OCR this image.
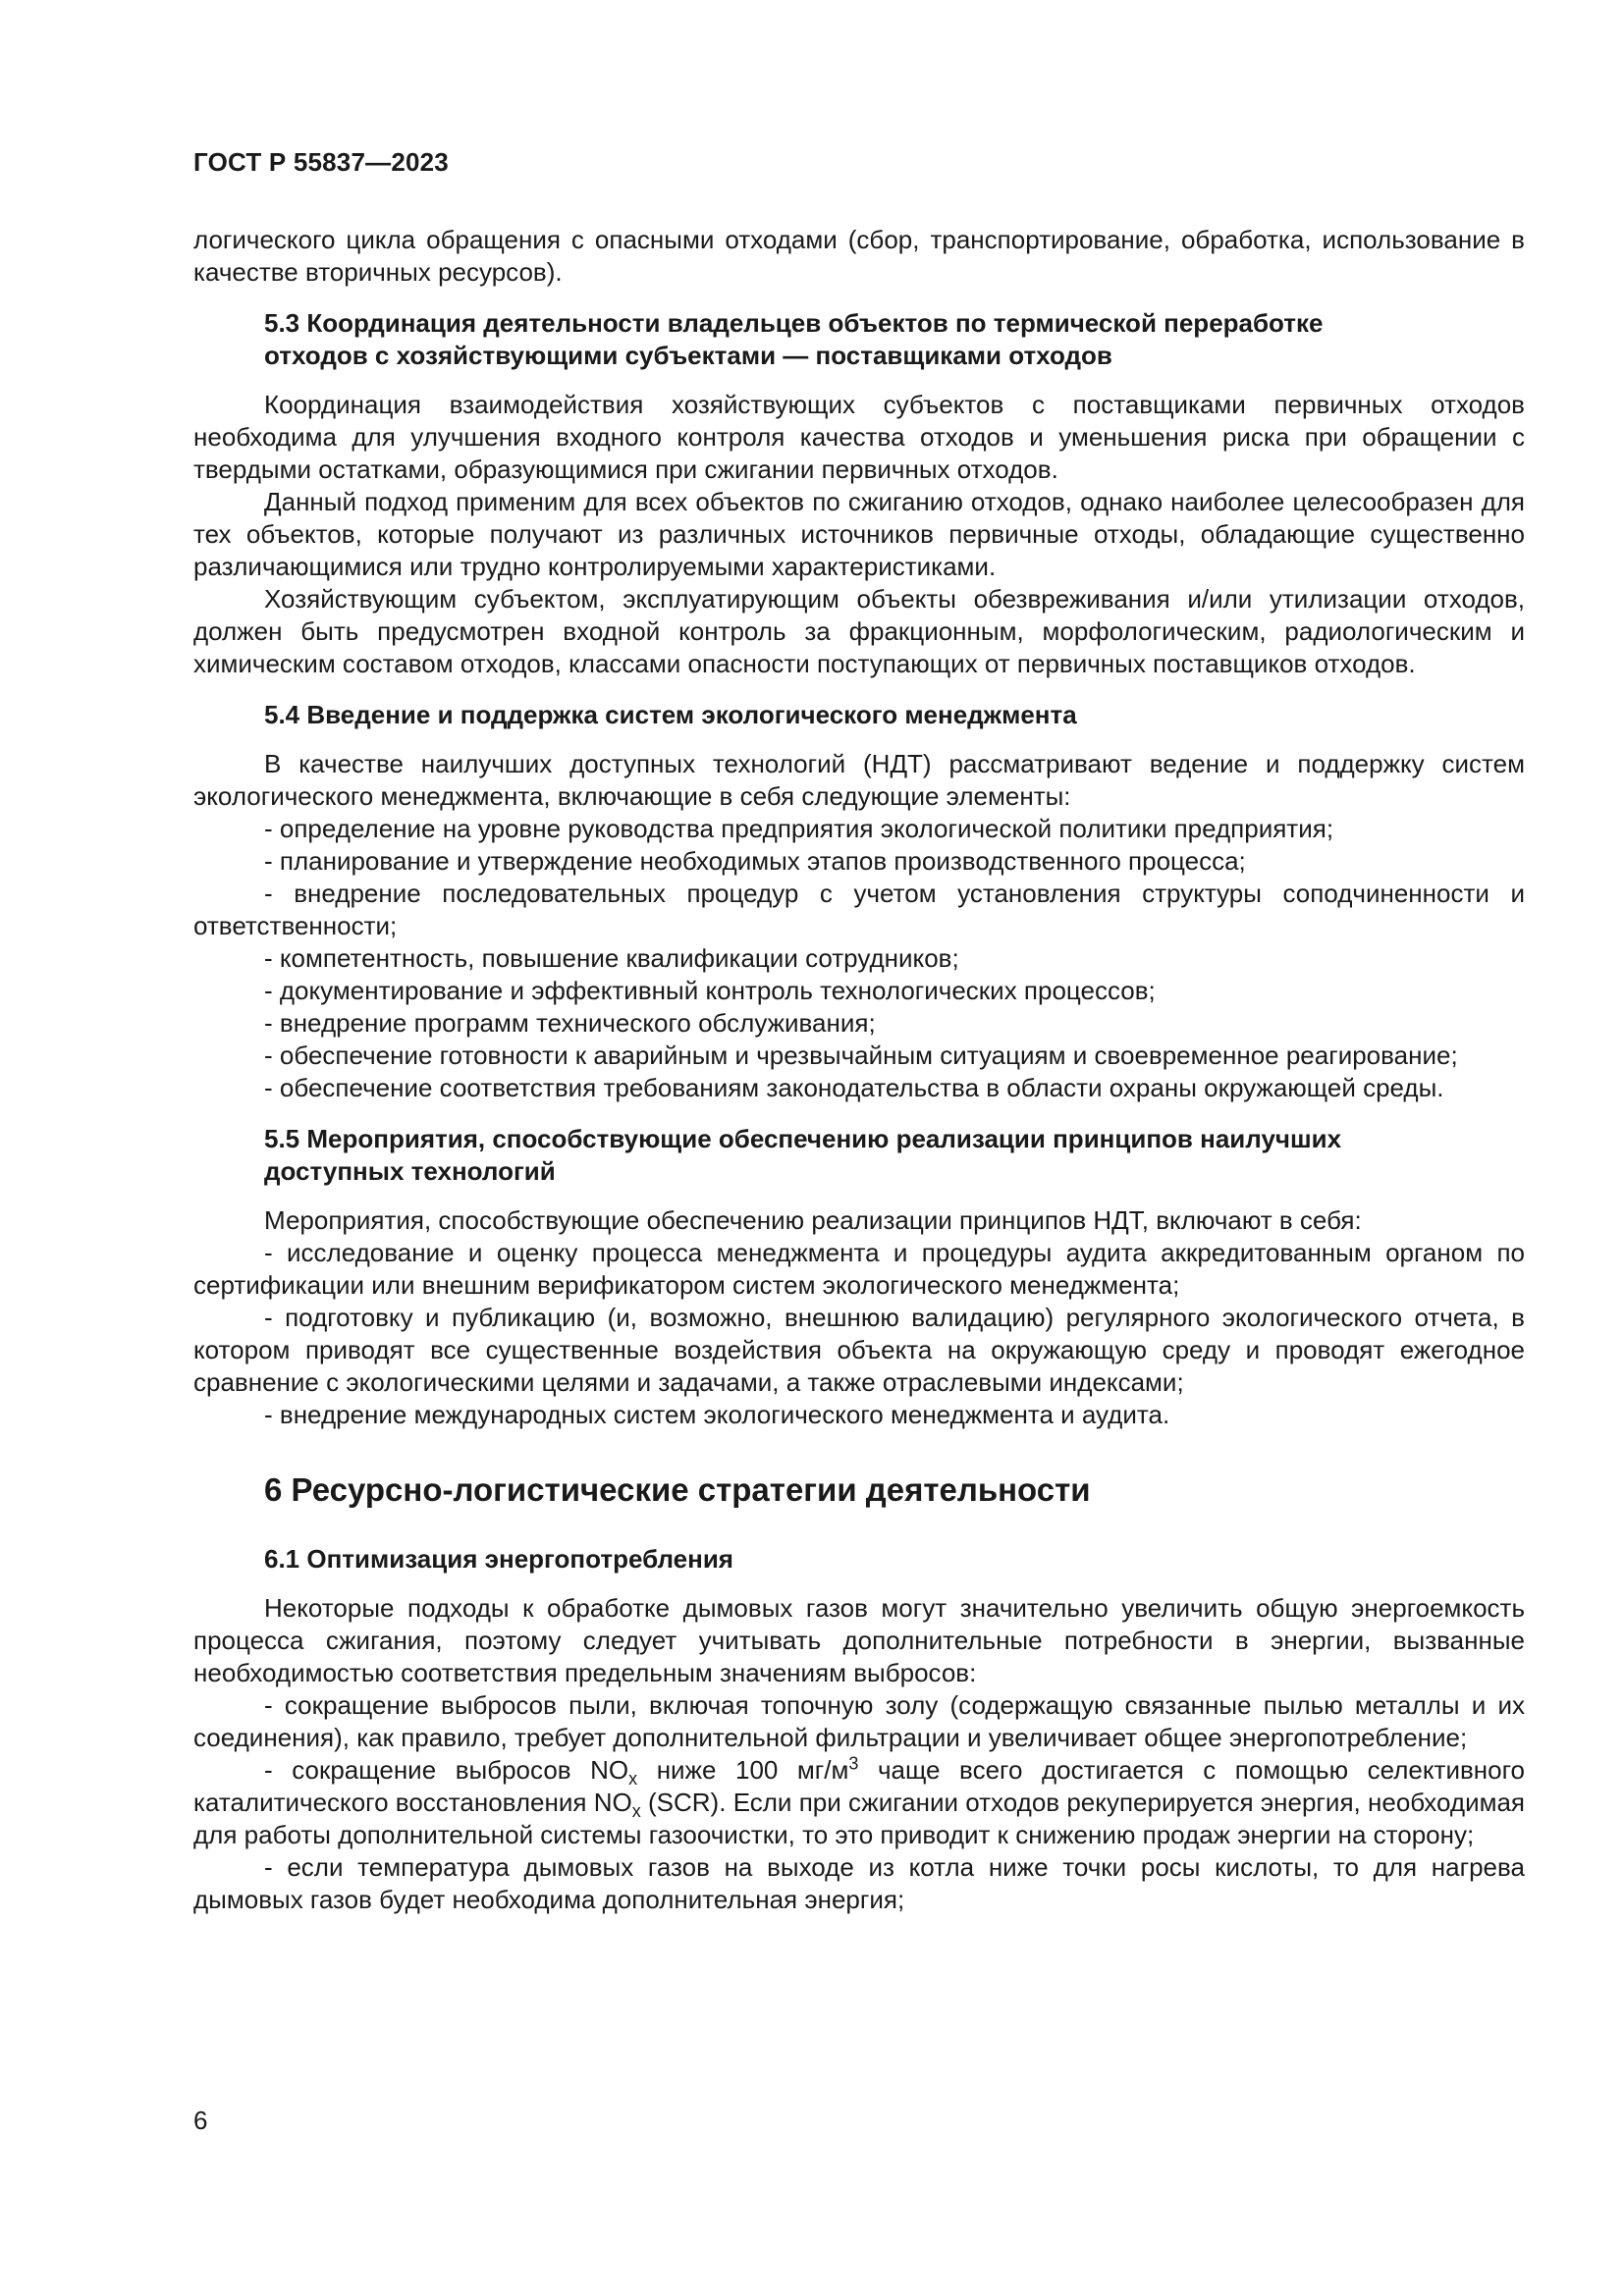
ГОСТ Р 55837—2023

логического цикла обращения с опасными отходами (сбор, транспортирование, обработка, использование в качестве вторичных ресурсов).

5.3 Координация деятельности владельцев объектов по термической переработке
отходов с хозяйствующими субъектами — поставщиками отходов

Координация взаимодействия хозяйствующих субъектов с поставщиками первичных отходов необходима для улучшения входного контроля качества отходов и уменьшения риска при обращении с твердыми остатками, образующимися при сжигании первичных отходов.

Данный подход применим для всех объектов по сжиганию отходов, однако наиболее целесообразен для тех объектов, которые получают из различных источников первичные отходы, обладающие существенно различающимися или трудно контролируемыми характеристиками.

Хозяйствующим субъектом, эксплуатирующим объекты обезвреживания и/или утилизации отходов, должен быть предусмотрен входной контроль за фракционным, морфологическим, радиологическим и химическим составом отходов, классами опасности поступающих от первичных поставщиков отходов.

5.4 Введение и поддержка систем экологического менеджмента

В качестве наилучших доступных технологий (НДТ) рассматривают ведение и поддержку систем экологического менеджмента, включающие в себя следующие элементы:

- определение на уровне руководства предприятия экологической политики предприятия;

- планирование и утверждение необходимых этапов производственного процесса;

- внедрение последовательных процедур с учетом установления структуры соподчиненности и ответственности;

- компетентность, повышение квалификации сотрудников;

- документирование и эффективный контроль технологических процессов;

- внедрение программ технического обслуживания;

- обеспечение готовности к аварийным и чрезвычайным ситуациям и своевременное реагирование;

- обеспечение соответствия требованиям законодательства в области охраны окружающей среды.

5.5 Мероприятия, способствующие обеспечению реализации принципов наилучших
доступных технологий

Мероприятия, способствующие обеспечению реализации принципов НДТ, включают в себя:

- исследование и оценку процесса менеджмента и процедуры аудита аккредитованным органом по сертификации или внешним верификатором систем экологического менеджмента;

- подготовку и публикацию (и, возможно, внешнюю валидацию) регулярного экологического отчета, в котором приводят все существенные воздействия объекта на окружающую среду и проводят ежегодное сравнение с экологическими целями и задачами, а также отраслевыми индексами;

- внедрение международных систем экологического менеджмента и аудита.

6 Ресурсно-логистические стратегии деятельности
6.1 Оптимизация энергопотребления

Некоторые подходы к обработке дымовых газов могут значительно увеличить общую энергоемкость процесса сжигания, поэтому следует учитывать дополнительные потребности в энергии, вызванные необходимостью соответствия предельным значениям выбросов:

- сокращение выбросов пыли, включая топочную золу (содержащую связанные пылью металлы и их соединения), как правило, требует дополнительной фильтрации и увеличивает общее энергопотребление;

- сокращение выбросов $NO_x$ ниже 100 $мг/м^3$ чаще всего достигается с помощью селективного каталитического восстановления $NO_x$ (SCR). Если при сжигании отходов рекуперируется энергия, необходимая для работы дополнительной системы газоочистки, то это приводит к снижению продаж энергии на сторону;

- если температура дымовых газов на выходе из котла ниже точки росы кислоты, то для нагрева дымовых газов будет необходима дополнительная энергия;

6
